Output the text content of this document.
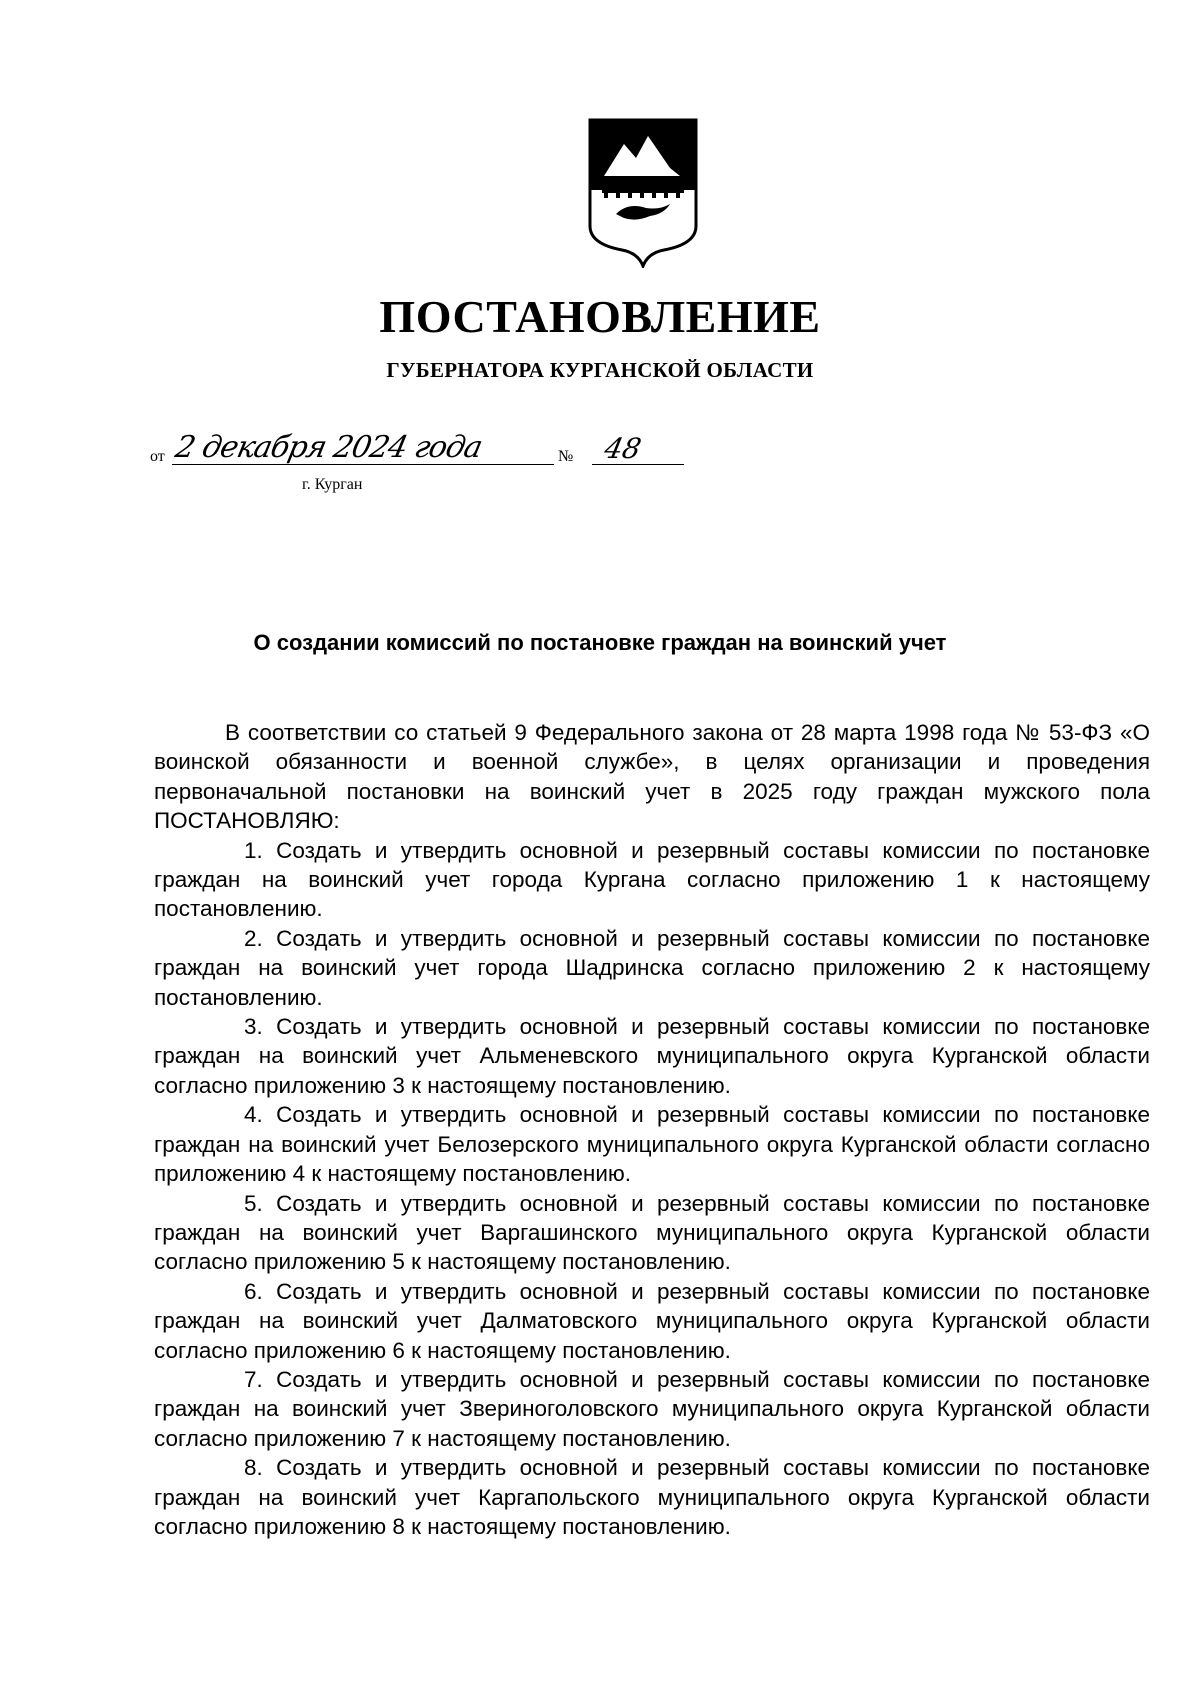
ПОСТАНОВЛЕНИЕ
ГУБЕРНАТОРА КУРГАНСКОЙ ОБЛАСТИ
от 2 декабря 2024 года	№ 48
г. Курган
О создании комиссий по постановке граждан на воинский учет

В соответствии со статьей 9 Федерального закона от 28 марта 1998 года № 53-ФЗ «О воинской обязанности и военной службе», в целях организации и проведения первоначальной постановки на воинский учет в 2025 году граждан мужского пола ПОСТАНОВЛЯЮ:

1. Создать и утвердить основной и резервный составы комиссии по постановке граждан на воинский учет города Кургана согласно приложению 1 к настоящему постановлению.

2. Создать и утвердить основной и резервный составы комиссии по постановке граждан на воинский учет города Шадринска согласно приложению 2 к настоящему постановлению.

3. Создать и утвердить основной и резервный составы комиссии по постановке граждан на воинский учет Альменевского муниципального округа Курганской области согласно приложению 3 к настоящему постановлению.

4. Создать и утвердить основной и резервный составы комиссии по постановке граждан на воинский учет Белозерского муниципального округа Курганской области согласно приложению 4 к настоящему постановлению.

5. Создать и утвердить основной и резервный составы комиссии по постановке граждан на воинский учет Варгашинского муниципального округа Курганской области согласно приложению 5 к настоящему постановлению.

6. Создать и утвердить основной и резервный составы комиссии по постановке граждан на воинский учет Далматовского муниципального округа Курганской области согласно приложению 6 к настоящему постановлению.

7. Создать и утвердить основной и резервный составы комиссии по постановке граждан на воинский учет Звериноголовского муниципального округа Курганской области согласно приложению 7 к настоящему постановлению.

8. Создать и утвердить основной и резервный составы комиссии по постановке граждан на воинский учет Каргапольского муниципального округа Курганской области согласно приложению 8 к настоящему постановлению.
